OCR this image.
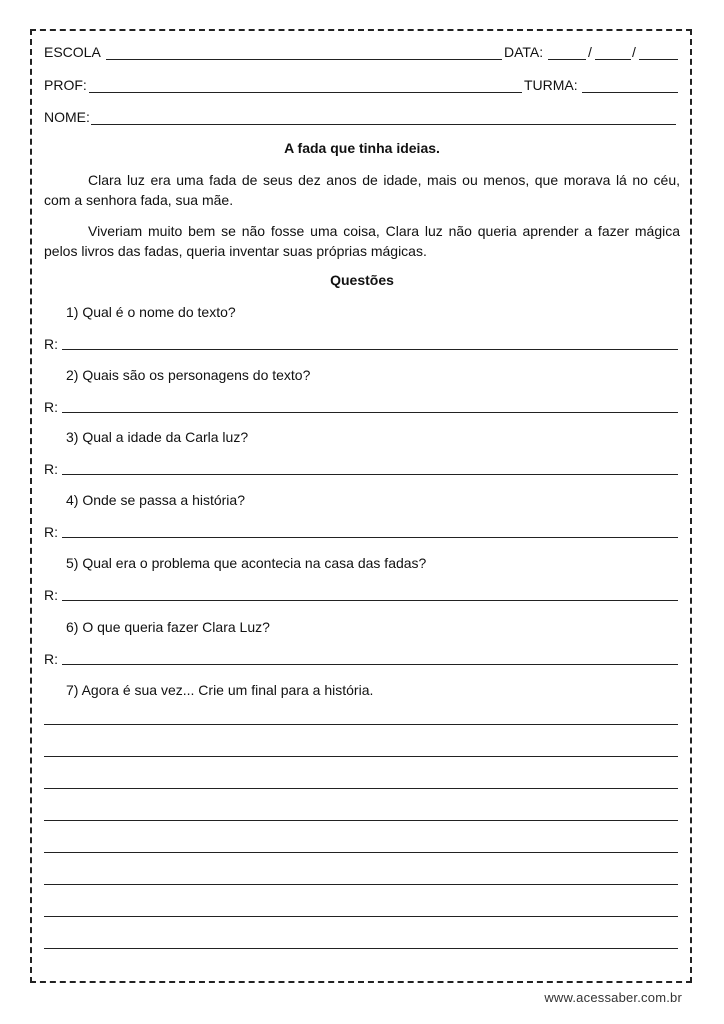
ESCOLA	DATA:	/	/
PROF:	TURMA:
NOME:
A fada que tinha ideias.
Clara luz era uma fada de seus dez anos de idade, mais ou menos, que morava lá no céu, com a senhora fada, sua mãe.
Viveriam muito bem se não fosse uma coisa, Clara luz não queria aprender a fazer mágica pelos livros das fadas, queria inventar suas próprias mágicas.
Questões
1) Qual é o nome do texto?
R:
2) Quais são os personagens do texto?
R:
3) Qual a idade da Carla luz?
R:
4) Onde se passa a história?
R:
5) Qual era o problema que acontecia na casa das fadas?
R:
6) O que queria fazer Clara Luz?
R:
7) Agora é sua vez... Crie um final para a história.
www.acessaber.com.br
